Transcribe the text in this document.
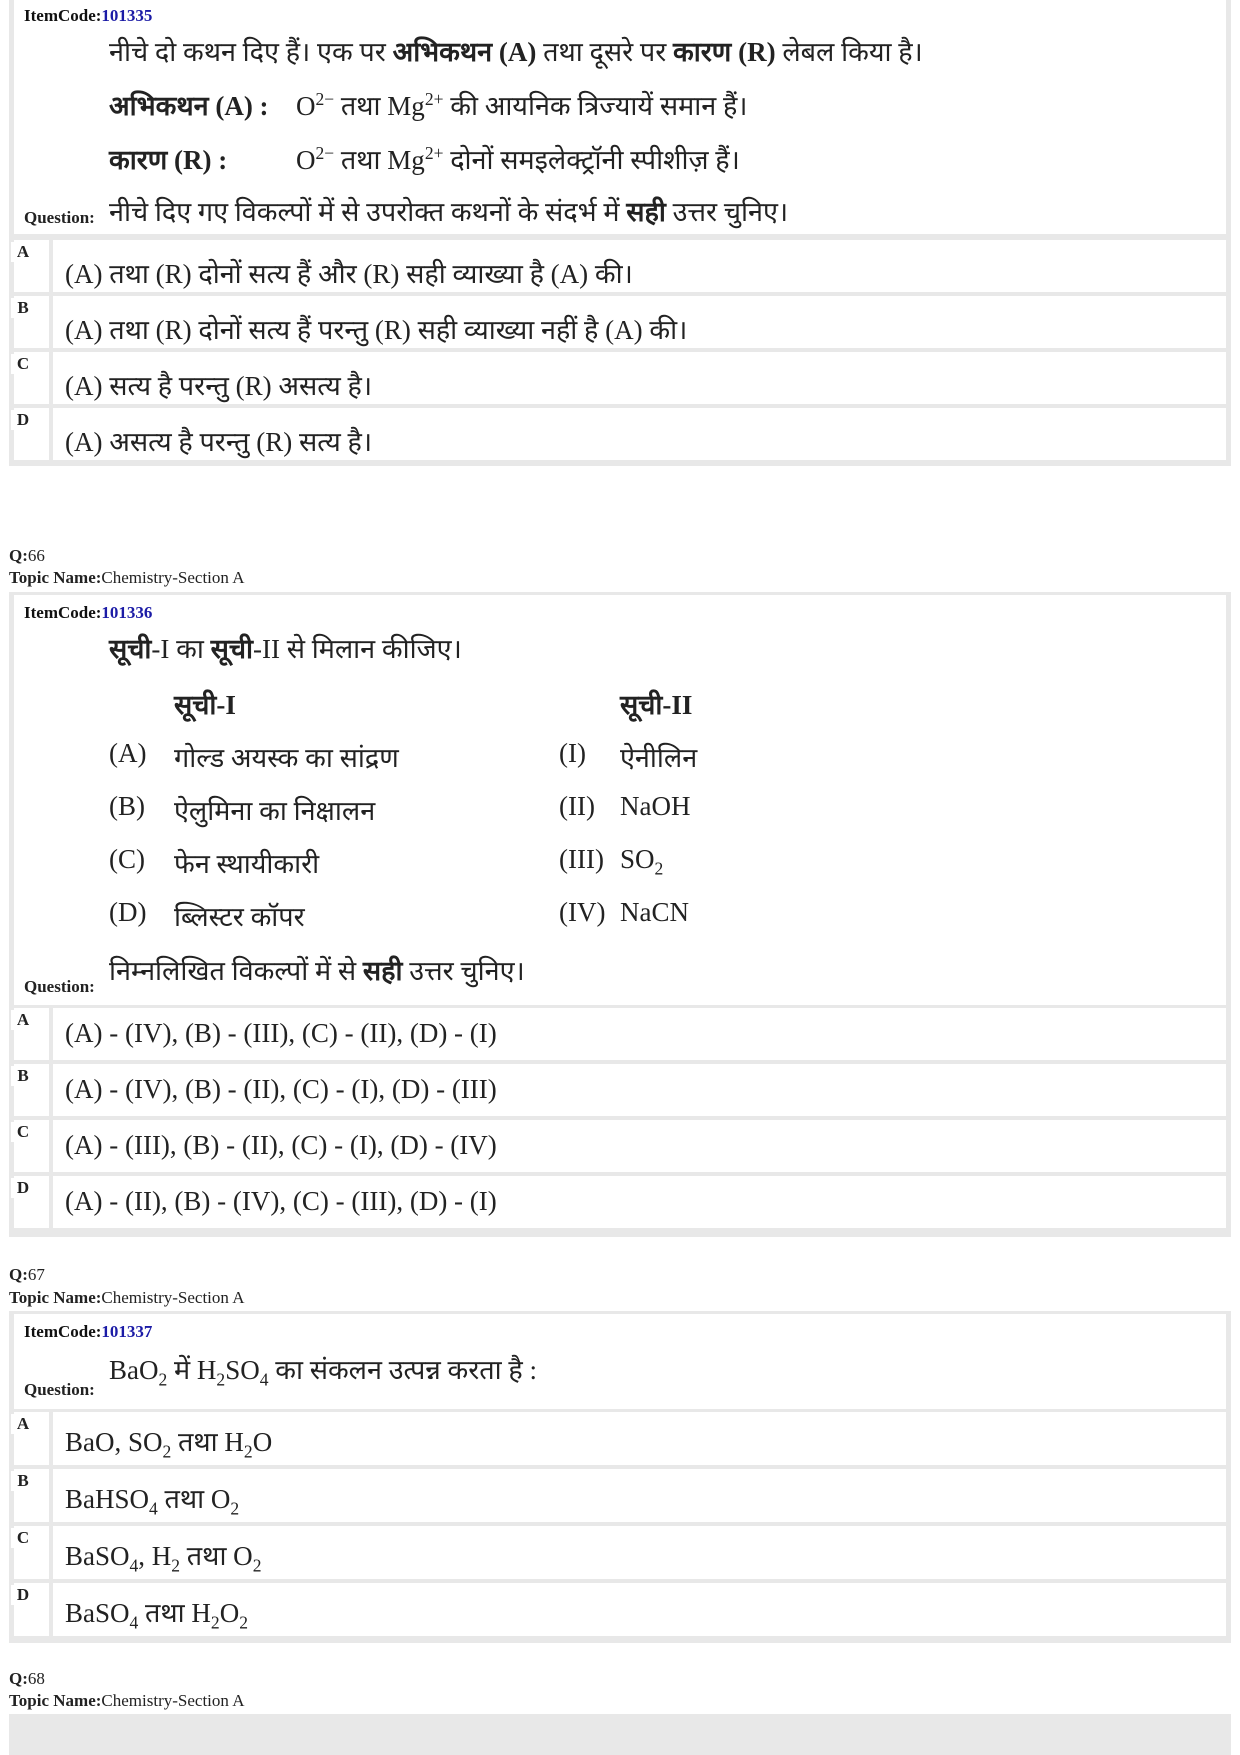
ItemCode:101335
नीचे दो कथन दिए हैं। एक पर अभिकथन (A) तथा दूसरे पर कारण (R) लेबल किया है।
अभिकथन (A) : $O^{2-}$ तथा $Mg^{2+}$ की आयनिक त्रिज्यायें समान हैं।
कारण (R) :	$O^{2-}$ तथा $Mg^{2+}$ दोनों समइलेक्ट्रॉनी स्पीशीज़ हैं।
नीचे दिए गए विकल्पों में से उपरोक्त कथनों के संदर्भ में सही उत्तर चुनिए।
Question:
A
(A) तथा (R) दोनों सत्य हैं और (R) सही व्याख्या है (A) की।
B
(A) तथा (R) दोनों सत्य हैं परन्तु (R) सही व्याख्या नहीं है (A) की।
C
(A) सत्य है परन्तु (R) असत्य है।
D
(A) असत्य है परन्तु (R) सत्य है।
Q:66
Topic Name:Chemistry-Section A
ItemCode:101336
सूची-I का सूची-II से मिलान कीजिए।
सूची-I	सूची-II
(A) गोल्ड अयस्क का सांद्रण	(I) ऐनीलिन
(B) ऐलुमिना का निक्षालन	(II) NaOH
(C) फेन स्थायीकारी	(III) $SO_2$
(D) ब्लिस्टर कॉपर	(IV) NaCN
निम्नलिखित विकल्पों में से सही उत्तर चुनिए।
Question:
A	(A) - (IV), (B) - (III), (C) - (II), (D) - (I)
B	(A) - (IV), (B) - (II), (C) - (I), (D) - (III)
C	(A) - (III), (B) - (II), (C) - (I), (D) - (IV)
D	(A) - (II), (B) - (IV), (C) - (III), (D) - (I)
Q:67
Topic Name:Chemistry-Section A
ItemCode:101337
BaO$_2$ में $H_2SO_4$ का संकलन उत्पन्न करता है :
Question:
A
BaO, $SO_2$ तथा $H_2O$
B
BaHSO$_4$ तथा $O_2$
C
BaSO$_4$, $H_2$ तथा $O_2$
D
BaSO$_4$ तथा $H_2O_2$
Q:68
Topic Name:Chemistry-Section A
